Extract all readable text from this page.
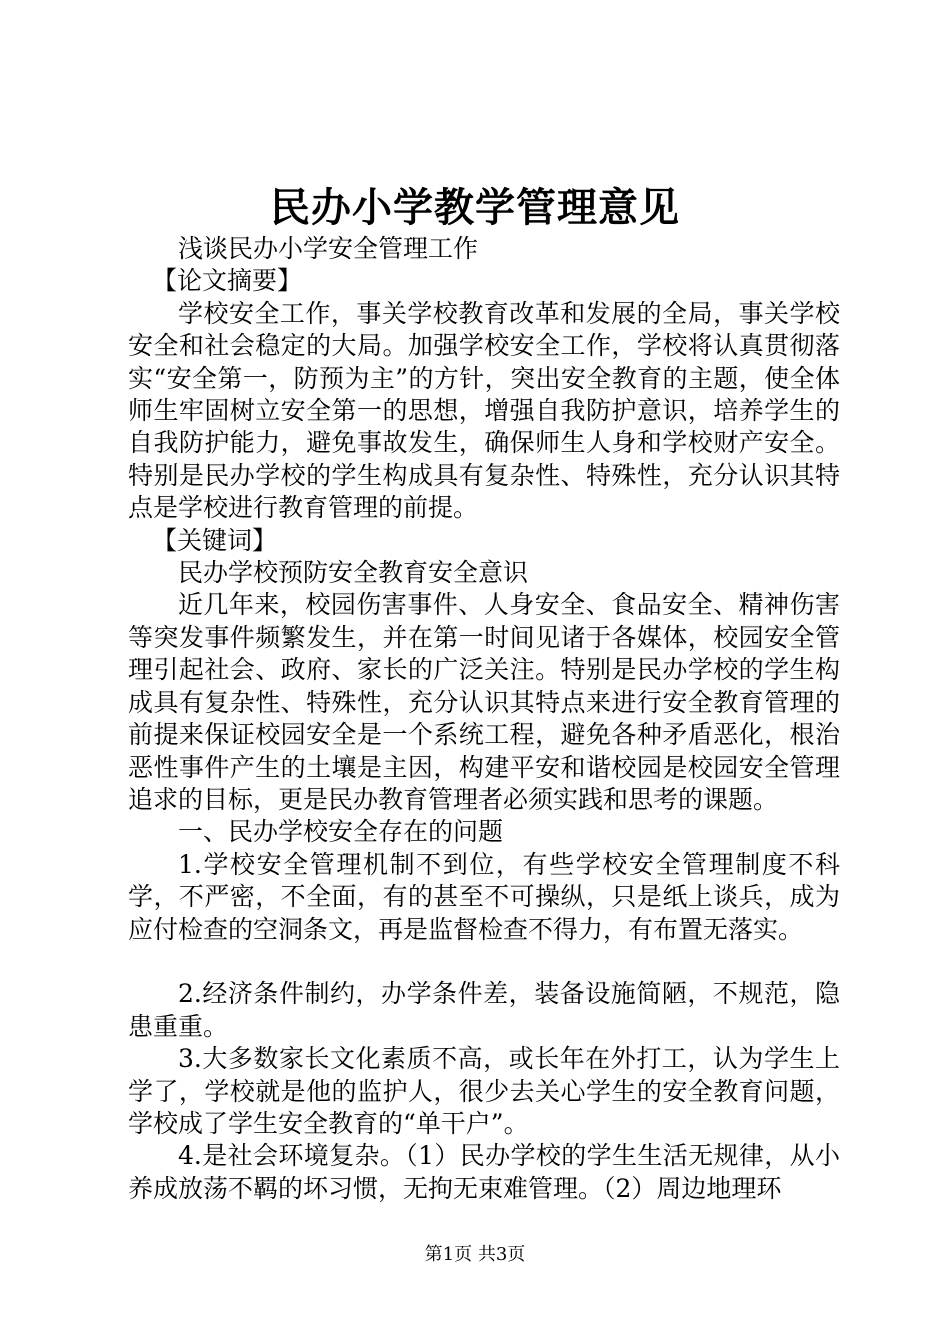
民办小学教学管理意见

浅谈民办小学安全管理工作

【论文摘要】

学校安全工作，事关学校教育改革和发展的全局，事关学校安全和社会稳定的大局。加强学校安全工作，学校将认真贯彻落实“安全第一，防预为主”的方针，突出安全教育的主题，使全体师生牢固树立安全第一的思想，增强自我防护意识，培养学生的自我防护能力，避免事故发生，确保师生人身和学校财产安全。特别是民办学校的学生构成具有复杂性、特殊性，充分认识其特点是学校进行教育管理的前提。

【关键词】

民办学校预防安全教育安全意识

近几年来，校园伤害事件、人身安全、食品安全、精神伤害等突发事件频繁发生，并在第一时间见诸于各媒体，校园安全管理引起社会、政府、家长的广泛关注。特别是民办学校的学生构成具有复杂性、特殊性，充分认识其特点来进行安全教育管理的前提来保证校园安全是一个系统工程，避免各种矛盾恶化，根治恶性事件产生的土壤是主因，构建平安和谐校园是校园安全管理追求的目标，更是民办教育管理者必须实践和思考的课题。

一、民办学校安全存在的问题

1.学校安全管理机制不到位，有些学校安全管理制度不科学，不严密，不全面，有的甚至不可操纵，只是纸上谈兵，成为应付检查的空洞条文，再是监督检查不得力，有布置无落实。

2.经济条件制约，办学条件差，装备设施简陋，不规范，隐患重重。

3.大多数家长文化素质不高，或长年在外打工，认为学生上学了，学校就是他的监护人，很少去关心学生的安全教育问题，学校成了学生安全教育的“单干户”。

4.是社会环境复杂。（1）民办学校的学生生活无规律，从小养成放荡不羁的坏习惯，无拘无束难管理。（2）周边地理环

第1页 共3页
